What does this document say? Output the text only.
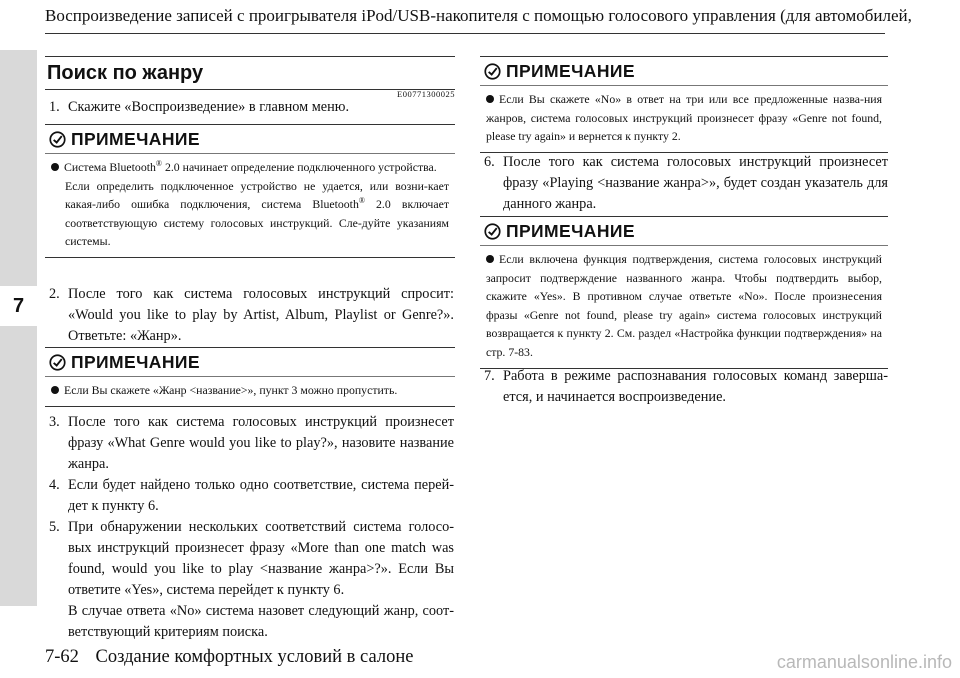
7
Воспроизведение записей с проигрывателя iPod/USB-накопителя с помощью голосового управления (для автомобилей,
Поиск по жанру
E00771300025
1. Скажите «Воспроизведение» в главном меню.
ПРИМЕЧАНИЕ

Система Bluetooth® 2.0 начинает определение подключенного устройства.

Если определить подключенное устройство не удается, или возни-кает какая-либо ошибка подключения, система Bluetooth® 2.0 включает соответствующую систему голосовых инструкций. Сле-дуйте указаниям системы.

2. После того как система голосовых инструкций спросит: «Would you like to play by Artist, Album, Playlist or Genre?». Ответьте: «Жанр».
ПРИМЕЧАНИЕ

Если Вы скажете «Жанр <название>», пункт 3 можно пропустить.

3. После того как система голосовых инструкций произнесет фразу «What Genre would you like to play?», назовите название жанра.
4. Если будет найдено только одно соответствие, система перей-дет к пункту 6.
5. При обнаружении нескольких соответствий система голосо-вых инструкций произнесет фразу «More than one match was found, would you like to play <название жанра>?». Если Вы ответите «Yes», система перейдет к пункту 6.
В случае ответа «No» система назовет следующий жанр, соот-ветствующий критериям поиска.
ПРИМЕЧАНИЕ

Если Вы скажете «No» в ответ на три или все предложенные назва-ния жанров, система голосовых инструкций произнесет фразу «Genre not found, please try again» и вернется к пункту 2.

6. После того как система голосовых инструкций произнесет фразу «Playing <название жанра>», будет создан указатель для данного жанра.
ПРИМЕЧАНИЕ

Если включена функция подтверждения, система голосовых инструкций запросит подтверждение названного жанра. Чтобы подтвердить выбор, скажите «Yes». В противном случае ответьте «No». После произнесения фразы «Genre not found, please try again» система голосовых инструкций возвращается к пункту 2. См. раздел «Настройка функции подтверждения» на стр. 7-83.

7. Работа в режиме распознавания голосовых команд заверша-ется, и начинается воспроизведение.
7-62 Создание комфортных условий в салоне	carmanualsonline.info
